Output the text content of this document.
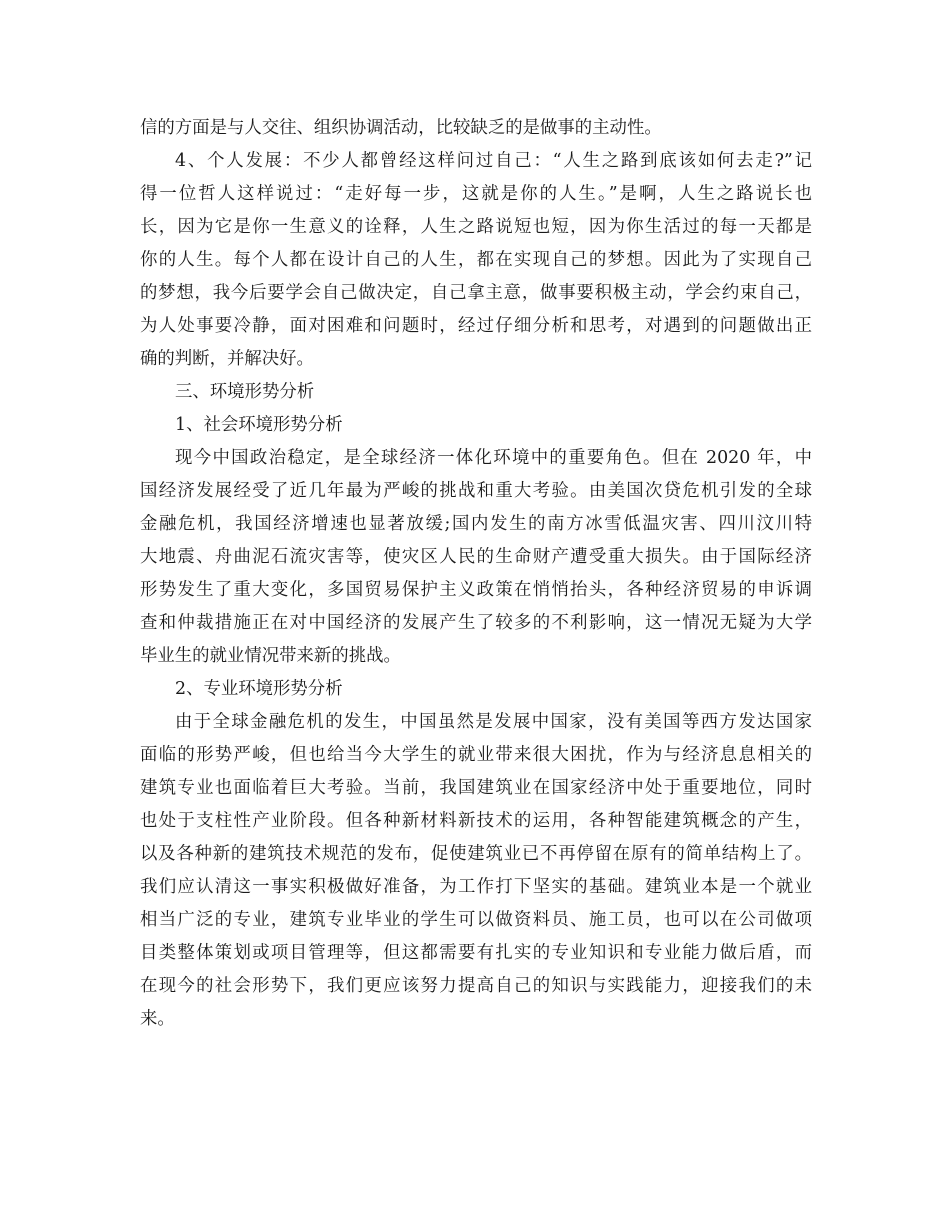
信的方面是与人交往、组织协调活动，比较缺乏的是做事的主动性。
4、个人发展：不少人都曾经这样问过自己：“人生之路到底该如何去走?”记
得一位哲人这样说过：“走好每一步，这就是你的人生。”是啊，人生之路说长也
长，因为它是你一生意义的诠释，人生之路说短也短，因为你生活过的每一天都是
你的人生。每个人都在设计自己的人生，都在实现自己的梦想。因此为了实现自己
的梦想，我今后要学会自己做决定，自己拿主意，做事要积极主动，学会约束自己，
为人处事要冷静，面对困难和问题时，经过仔细分析和思考，对遇到的问题做出正
确的判断，并解决好。
三、环境形势分析
1、社会环境形势分析
现今中国政治稳定，是全球经济一体化环境中的重要角色。但在 2020 年，中
国经济发展经受了近几年最为严峻的挑战和重大考验。由美国次贷危机引发的全球
金融危机，我国经济增速也显著放缓;国内发生的南方冰雪低温灾害、四川汶川特
大地震、舟曲泥石流灾害等，使灾区人民的生命财产遭受重大损失。由于国际经济
形势发生了重大变化，多国贸易保护主义政策在悄悄抬头，各种经济贸易的申诉调
查和仲裁措施正在对中国经济的发展产生了较多的不利影响，这一情况无疑为大学
毕业生的就业情况带来新的挑战。
2、专业环境形势分析
由于全球金融危机的发生，中国虽然是发展中国家，没有美国等西方发达国家
面临的形势严峻，但也给当今大学生的就业带来很大困扰，作为与经济息息相关的
建筑专业也面临着巨大考验。当前，我国建筑业在国家经济中处于重要地位，同时
也处于支柱性产业阶段。但各种新材料新技术的运用，各种智能建筑概念的产生，
以及各种新的建筑技术规范的发布，促使建筑业已不再停留在原有的简单结构上了。
我们应认清这一事实积极做好准备，为工作打下坚实的基础。建筑业本是一个就业
相当广泛的专业，建筑专业毕业的学生可以做资料员、施工员，也可以在公司做项
目类整体策划或项目管理等，但这都需要有扎实的专业知识和专业能力做后盾，而
在现今的社会形势下，我们更应该努力提高自己的知识与实践能力，迎接我们的未
来。
